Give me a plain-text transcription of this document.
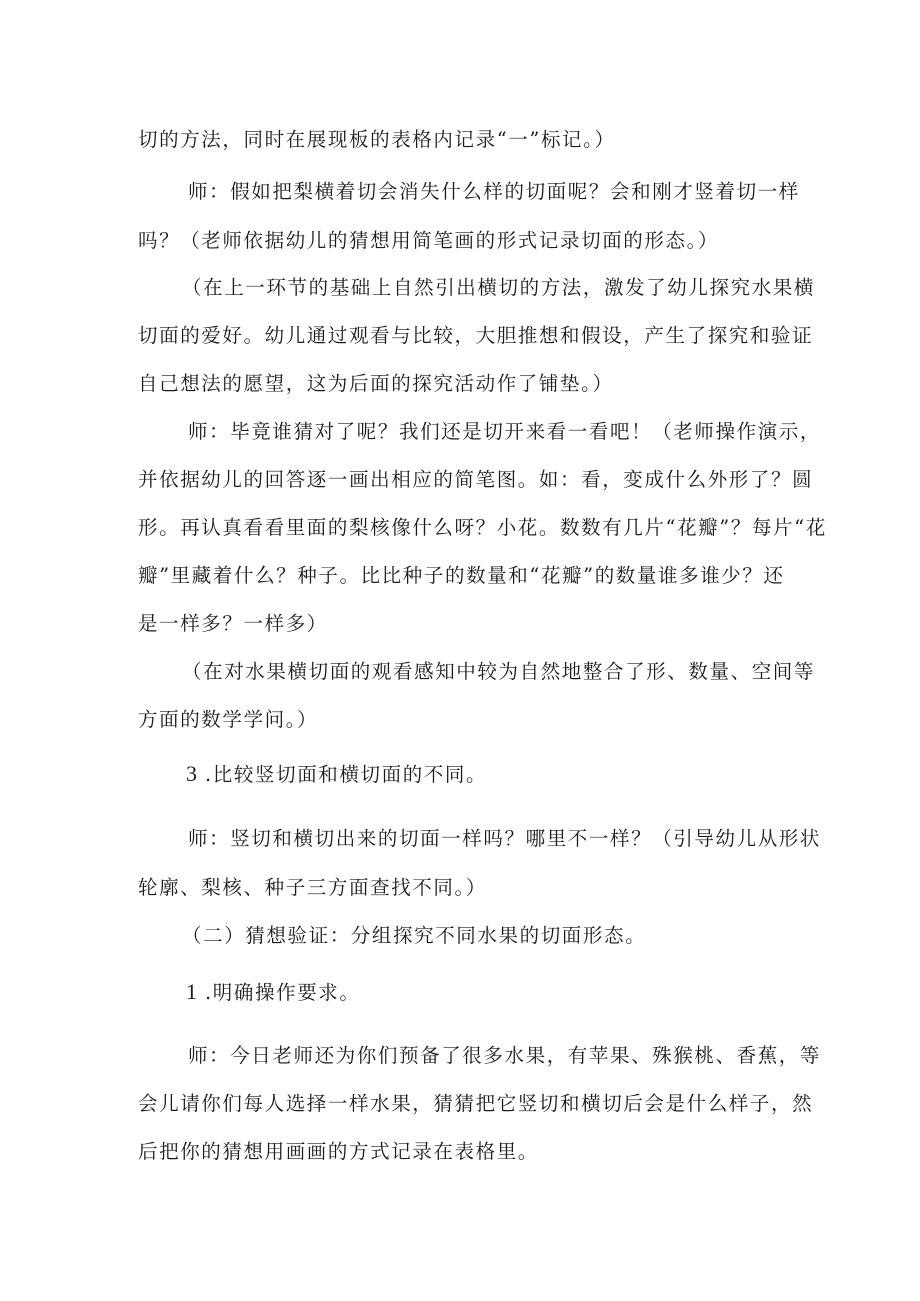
切的方法，同时在展现板的表格内记录“一”标记。）
师：假如把梨横着切会消失什么样的切面呢？会和刚才竖着切一样
吗？（老师依据幼儿的猜想用简笔画的形式记录切面的形态。）
（在上一环节的基础上自然引出横切的方法，激发了幼儿探究水果横
切面的爱好。幼儿通过观看与比较，大胆推想和假设，产生了探究和验证
自己想法的愿望，这为后面的探究活动作了铺垫。）
师：毕竟谁猜对了呢？我们还是切开来看一看吧！（老师操作演示，
并依据幼儿的回答逐一画出相应的简笔图。如：看，变成什么外形了？圆
形。再认真看看里面的梨核像什么呀？小花。数数有几片“花瓣”？每片“花
瓣”里藏着什么？种子。比比种子的数量和“花瓣”的数量谁多谁少？还
是一样多？一样多）
（在对水果横切面的观看感知中较为自然地整合了形、数量、空间等
方面的数学学问。）
3 .比较竖切面和横切面的不同。
师：竖切和横切出来的切面一样吗？哪里不一样？（引导幼儿从形状
轮廓、梨核、种子三方面查找不同。）
（二）猜想验证：分组探究不同水果的切面形态。
1 .明确操作要求。
师：今日老师还为你们预备了很多水果，有苹果、殊猴桃、香蕉，等
会儿请你们每人选择一样水果，猜猜把它竖切和横切后会是什么样子，然
后把你的猜想用画画的方式记录在表格里。
